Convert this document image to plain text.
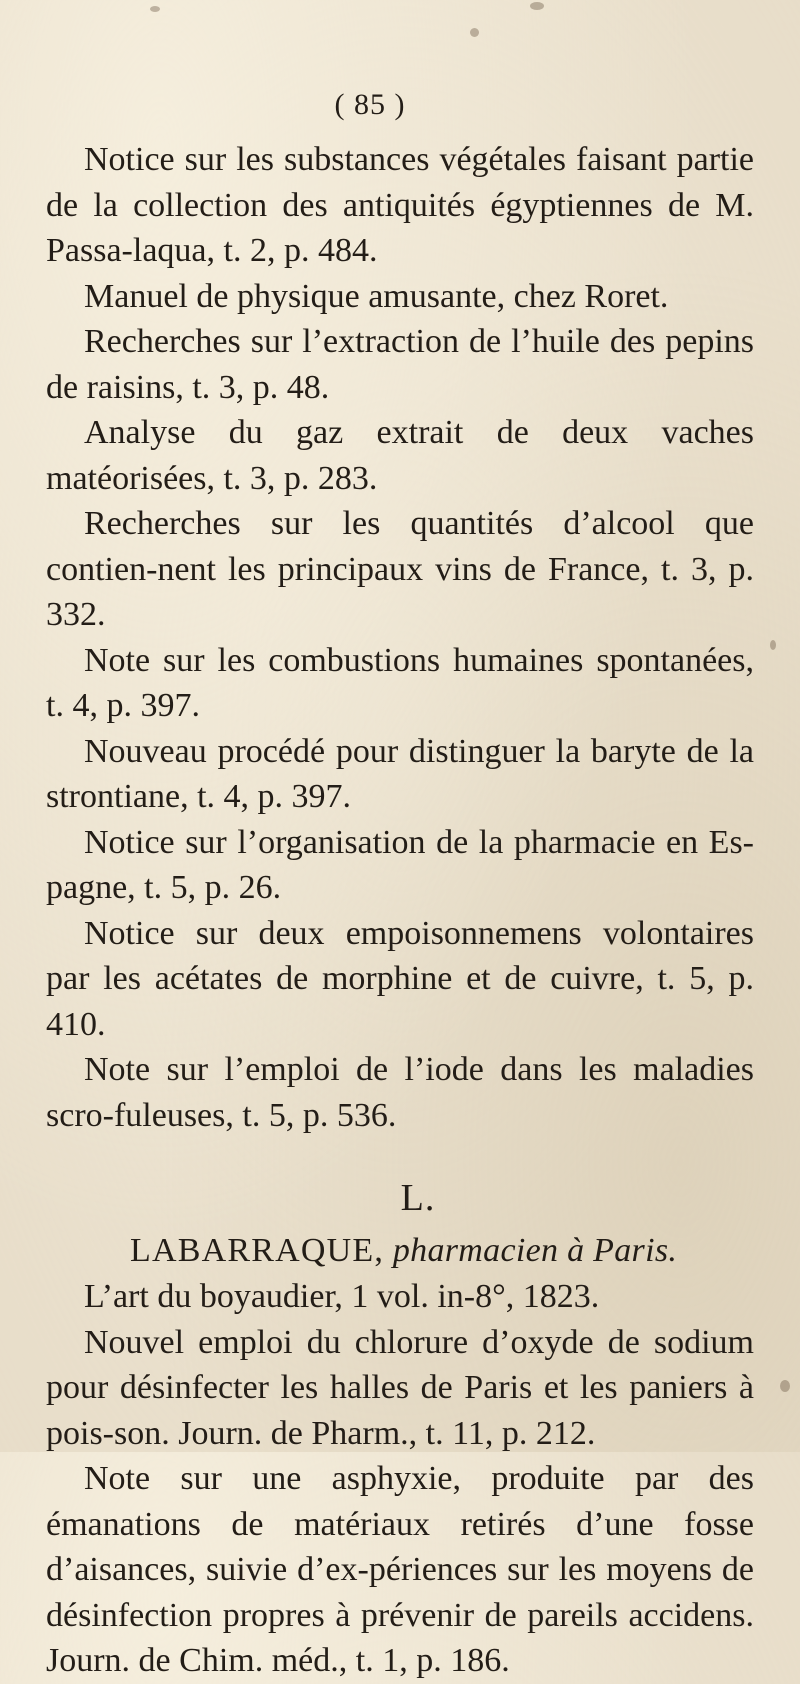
( 85 )

Notice sur les substances végétales faisant partie de la collection des antiquités égyptiennes de M. Passa-laqua, t. 2, p. 484.

Manuel de physique amusante, chez Roret.

Recherches sur l’extraction de l’huile des pepins de raisins, t. 3, p. 48.

Analyse du gaz extrait de deux vaches matéorisées, t. 3, p. 283.

Recherches sur les quantités d’alcool que contien-nent les principaux vins de France, t. 3, p. 332.

Note sur les combustions humaines spontanées, t. 4, p. 397.

Nouveau procédé pour distinguer la baryte de la strontiane, t. 4, p. 397.

Notice sur l’organisation de la pharmacie en Es-pagne, t. 5, p. 26.

Notice sur deux empoisonnemens volontaires par les acétates de morphine et de cuivre, t. 5, p. 410.

Note sur l’emploi de l’iode dans les maladies scro-fuleuses, t. 5, p. 536.

L.

LABARRAQUE, pharmacien à Paris.

L’art du boyaudier, 1 vol. in-8°, 1823.

Nouvel emploi du chlorure d’oxyde de sodium pour désinfecter les halles de Paris et les paniers à pois-son. Journ. de Pharm., t. 11, p. 212.

Note sur une asphyxie, produite par des émanations de matériaux retirés d’une fosse d’aisances, suivie d’ex-périences sur les moyens de désinfection propres à prévenir de pareils accidens. Journ. de Chim. méd., t. 1, p. 186.
